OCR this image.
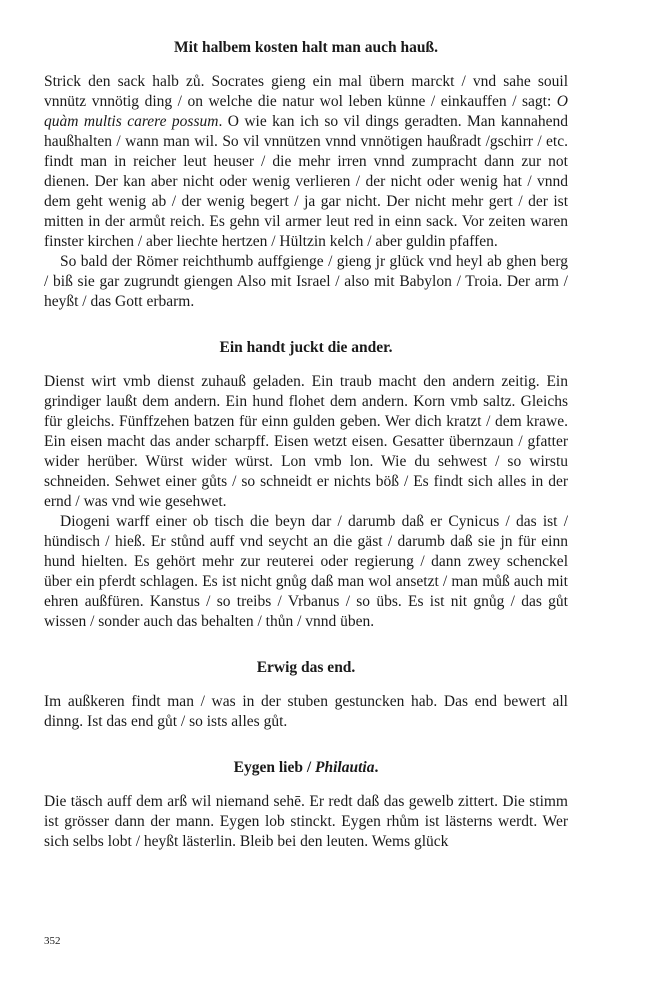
Mit halbem kosten halt man auch hauß.

Strick den sack halb zů. Socrates gieng ein mal übern marckt / vnd sahe souil vnnütz vnnötig ding / on welche die natur wol leben künne / einkauffen / sagt: O quàm multis carere possum. O wie kan ich so vil dings geradten. Man kannahend haußhalten / wann man wil. So vil vnnützen vnnd vnnötigen haußradt /gschirr / etc. findt man in reicher leut heuser / die mehr irren vnnd zumpracht dann zur not dienen. Der kan aber nicht oder wenig verlieren / der nicht oder wenig hat / vnnd dem geht wenig ab / der wenig begert / ja gar nicht. Der nicht mehr gert / der ist mitten in der armůt reich. Es gehn vil armer leut red in einn sack. Vor zeiten waren finster kirchen / aber liechte hertzen / Hültzin kelch / aber guldin pfaffen.

So bald der Römer reichthumb auffgienge / gieng jr glück vnd heyl ab ghen berg / biß sie gar zugrundt giengen Also mit Israel / also mit Babylon / Troia. Der arm / heyßt / das Gott erbarm.

Ein handt juckt die ander.

Dienst wirt vmb dienst zuhauß geladen. Ein traub macht den andern zeitig. Ein grindiger laußt dem andern. Ein hund flohet dem andern. Korn vmb saltz. Gleichs für gleichs. Fünffzehen batzen für einn gulden geben. Wer dich kratzt / dem krawe. Ein eisen macht das ander scharpff. Eisen wetzt eisen. Gesatter übernzaun / gfatter wider herüber. Würst wider würst. Lon vmb lon. Wie du sehwest / so wirstu schneiden. Sehwet einer gůts / so schneidt er nichts böß / Es findt sich alles in der ernd / was vnd wie gesehwet.

Diogeni warff einer ob tisch die beyn dar / darumb daß er Cynicus / das ist / hündisch / hieß. Er stůnd auff vnd seycht an die gäst / darumb daß sie jn für einn hund hielten. Es gehört mehr zur reuterei oder regierung / dann zwey schenckel über ein pferdt schlagen. Es ist nicht gnůg daß man wol ansetzt / man můß auch mit ehren außfüren. Kanstus / so treibs / Vrbanus / so übs. Es ist nit gnůg / das gůt wissen / sonder auch das behalten / thůn / vnnd üben.

Erwig das end.

Im außkeren findt man / was in der stuben gestuncken hab. Das end bewert all dinng. Ist das end gůt / so ists alles gůt.

Eygen lieb / Philautia.

Die täsch auff dem arß wil niemand sehē. Er redt daß das gewelb zittert. Die stimm ist grösser dann der mann. Eygen lob stinckt. Eygen rhům ist lästerns werdt. Wer sich selbs lobt / heyßt lästerlin. Bleib bei den leuten. Wems glück

352
